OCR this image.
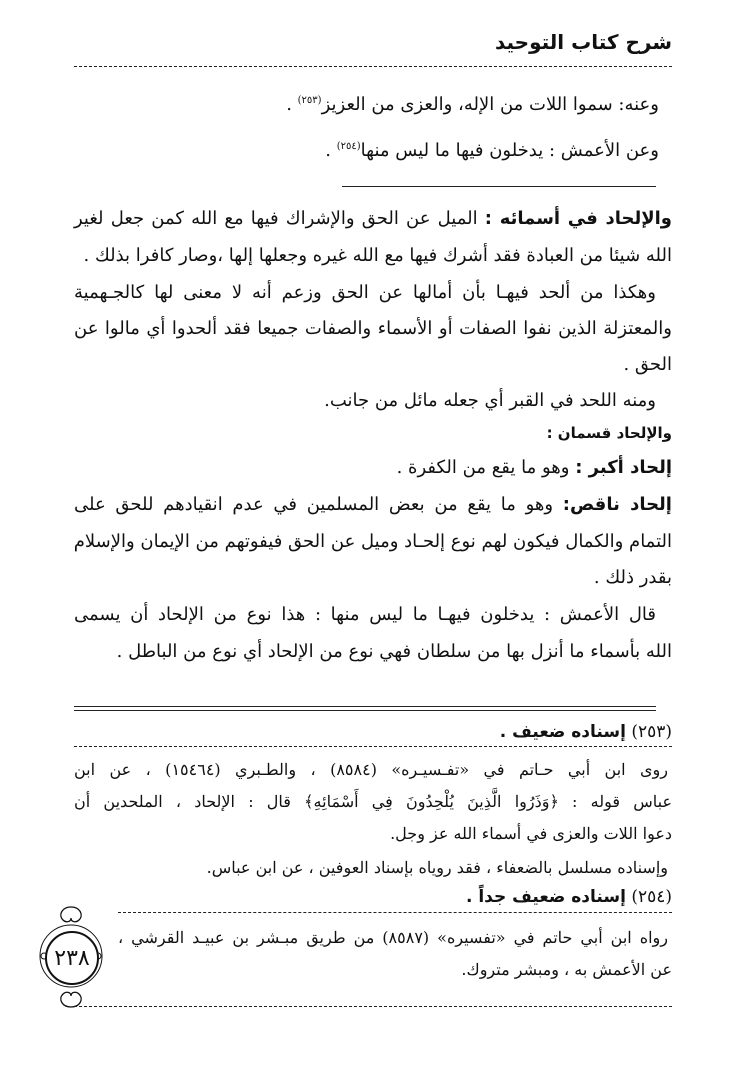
شرح كتاب التوحيد
وعنه: سموا اللات من الإله، والعزى من العزيز$^{(٢٥٣)}$ .
وعن الأعمش : يدخلون فيها ما ليس منها$^{(٢٥٤)}$ .
والإلحاد في أسمائه : الميل عن الحق والإشراك فيها مع الله كمن جعل لغير
الله شيئا من العبادة فقد أشرك فيها مع الله غيره وجعلها إلها ،وصار كافرا بذلك .
وهكذا من ألحد فيهـا بأن أمالها عن الحق وزعم أنه لا معنى لها كالجـهمية
والمعتزلة الذين نفوا الصفات أو الأسماء والصفات جميعا فقد ألحدوا أي مالوا عن
الحق .
ومنه اللحد في القبر أي جعله مائل من جانب.
والإلحاد قسمان :
إلحاد أكبر : وهو ما يقع من الكفرة .
إلحاد ناقص: وهو ما يقع من بعض المسلمين في عدم انقيادهم للحق على
التمام والكمال فيكون لهم نوع إلحـاد وميل عن الحق فيفوتهم من الإيمان والإسلام
بقدر ذلك .
قال الأعمش : يدخلون فيهـا ما ليس منها : هذا نوع من الإلحاد أن يسمى
الله بأسماء ما أنزل بها من سلطان فهي نوع من الإلحاد أي نوع من الباطل .
(٢٥٣) إسناده ضعيف .
روى ابن أبي حـاتم في «تفـسيـره» (٨٥٨٤) ، والطـبري (١٥٤٦٤) ، عن ابن
عباس قوله : ﴿وَذَرُوا الَّذِينَ يُلْحِدُونَ فِي أَسْمَائِهِ﴾ قال : الإلحاد ، الملحدين أن
دعوا اللات والعزى في أسماء الله عز وجل.
وإسناده مسلسل بالضعفاء ، فقد روياه بإسناد العوفين ، عن ابن عباس.
(٢٥٤) إسناده ضعيف جداً .
رواه ابن أبي حاتم في «تفسيره» (٨٥٨٧) من طريق مبـشر بن عبيـد القرشي ،
عن الأعمش به ، ومبشر متروك.
٢٣٨
